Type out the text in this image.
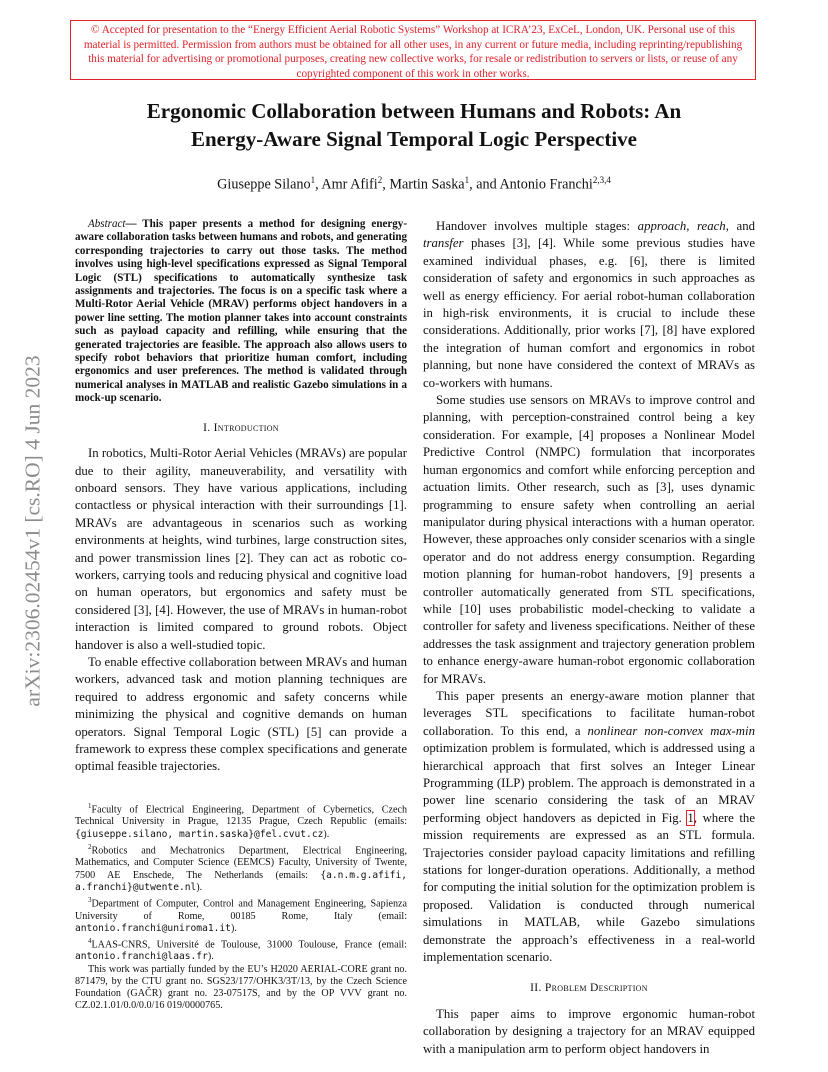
© Accepted for presentation to the “Energy Efficient Aerial Robotic Systems” Workshop at ICRA’23, ExCeL, London, UK. Personal use of this material is permitted. Permission from authors must be obtained for all other uses, in any current or future media, including reprinting/republishing this material for advertising or promotional purposes, creating new collective works, for resale or redistribution to servers or lists, or reuse of any copyrighted component of this work in other works.
Ergonomic Collaboration between Humans and Robots: An
Energy-Aware Signal Temporal Logic Perspective
Giuseppe Silano$^1$, Amr Afifi$^2$, Martin Saska$^1$, and Antonio Franchi$^{2,3,4}$
arXiv:2306.02454v1 [cs.RO] 4 Jun 2023

Abstract— This paper presents a method for designing energy-aware collaboration tasks between humans and robots, and generating corresponding trajectories to carry out those tasks. The method involves using high-level specifications expressed as Signal Temporal Logic (STL) specifications to automatically synthesize task assignments and trajectories. The focus is on a specific task where a Multi-Rotor Aerial Vehicle (MRAV) performs object handovers in a power line setting. The motion planner takes into account constraints such as payload capacity and refilling, while ensuring that the generated trajectories are feasible. The approach also allows users to specify robot behaviors that prioritize human comfort, including ergonomics and user preferences. The method is validated through numerical analyses in MATLAB and realistic Gazebo simulations in a mock-up scenario.

I. Introduction

In robotics, Multi-Rotor Aerial Vehicles (MRAVs) are popular due to their agility, maneuverability, and versatility with onboard sensors. They have various applications, including contactless or physical interaction with their surroundings [1]. MRAVs are advantageous in scenarios such as working environments at heights, wind turbines, large construction sites, and power transmission lines [2]. They can act as robotic co-workers, carrying tools and reducing physical and cognitive load on human operators, but ergonomics and safety must be considered [3], [4]. However, the use of MRAVs in human-robot interaction is limited compared to ground robots. Object handover is also a well-studied topic.

To enable effective collaboration between MRAVs and human workers, advanced task and motion planning techniques are required to address ergonomic and safety concerns while minimizing the physical and cognitive demands on human operators. Signal Temporal Logic (STL) [5] can provide a framework to express these complex specifications and generate optimal feasible trajectories.

$^1$Faculty of Electrical Engineering, Department of Cybernetics, Czech Technical University in Prague, 12135 Prague, Czech Republic (emails: {giuseppe.silano, martin.saska}@fel.cvut.cz).

$^2$Robotics and Mechatronics Department, Electrical Engineering, Mathematics, and Computer Science (EEMCS) Faculty, University of Twente, 7500 AE Enschede, The Netherlands (emails: {a.n.m.g.afifi, a.franchi}@utwente.nl).

$^3$Department of Computer, Control and Management Engineering, Sapienza University of Rome, 00185 Rome, Italy (email: antonio.franchi@uniroma1.it).

$^4$LAAS-CNRS, Université de Toulouse, 31000 Toulouse, France (email: antonio.franchi@laas.fr).

This work was partially funded by the EU’s H2020 AERIAL-CORE grant no. 871479, by the CTU grant no. SGS23/177/OHK3/3T/13, by the Czech Science Foundation (GAČR) grant no. 23-07517S, and by the OP VVV grant no. CZ.02.1.01/0.0/0.0/16 019/0000765.

Handover involves multiple stages: approach, reach, and transfer phases [3], [4]. While some previous studies have examined individual phases, e.g. [6], there is limited consideration of safety and ergonomics in such approaches as well as energy efficiency. For aerial robot-human collaboration in high-risk environments, it is crucial to include these considerations. Additionally, prior works [7], [8] have explored the integration of human comfort and ergonomics in robot planning, but none have considered the context of MRAVs as co-workers with humans.

Some studies use sensors on MRAVs to improve control and planning, with perception-constrained control being a key consideration. For example, [4] proposes a Nonlinear Model Predictive Control (NMPC) formulation that incorporates human ergonomics and comfort while enforcing perception and actuation limits. Other research, such as [3], uses dynamic programming to ensure safety when controlling an aerial manipulator during physical interactions with a human operator. However, these approaches only consider scenarios with a single operator and do not address energy consumption. Regarding motion planning for human-robot handovers, [9] presents a controller automatically generated from STL specifications, while [10] uses probabilistic model-checking to validate a controller for safety and liveness specifications. Neither of these addresses the task assignment and trajectory generation problem to enhance energy-aware human-robot ergonomic collaboration for MRAVs.

This paper presents an energy-aware motion planner that leverages STL specifications to facilitate human-robot collaboration. To this end, a nonlinear non-convex max-min optimization problem is formulated, which is addressed using a hierarchical approach that first solves an Integer Linear Programming (ILP) problem. The approach is demonstrated in a power line scenario considering the task of an MRAV performing object handovers as depicted in Fig. 1, where the mission requirements are expressed as an STL formula. Trajectories consider payload capacity limitations and refilling stations for longer-duration operations. Additionally, a method for computing the initial solution for the optimization problem is proposed. Validation is conducted through numerical simulations in MATLAB, while Gazebo simulations demonstrate the approach’s effectiveness in a real-world implementation scenario.

II. Problem Description

This paper aims to improve ergonomic human-robot collaboration by designing a trajectory for an MRAV equipped with a manipulation arm to perform object handovers in
